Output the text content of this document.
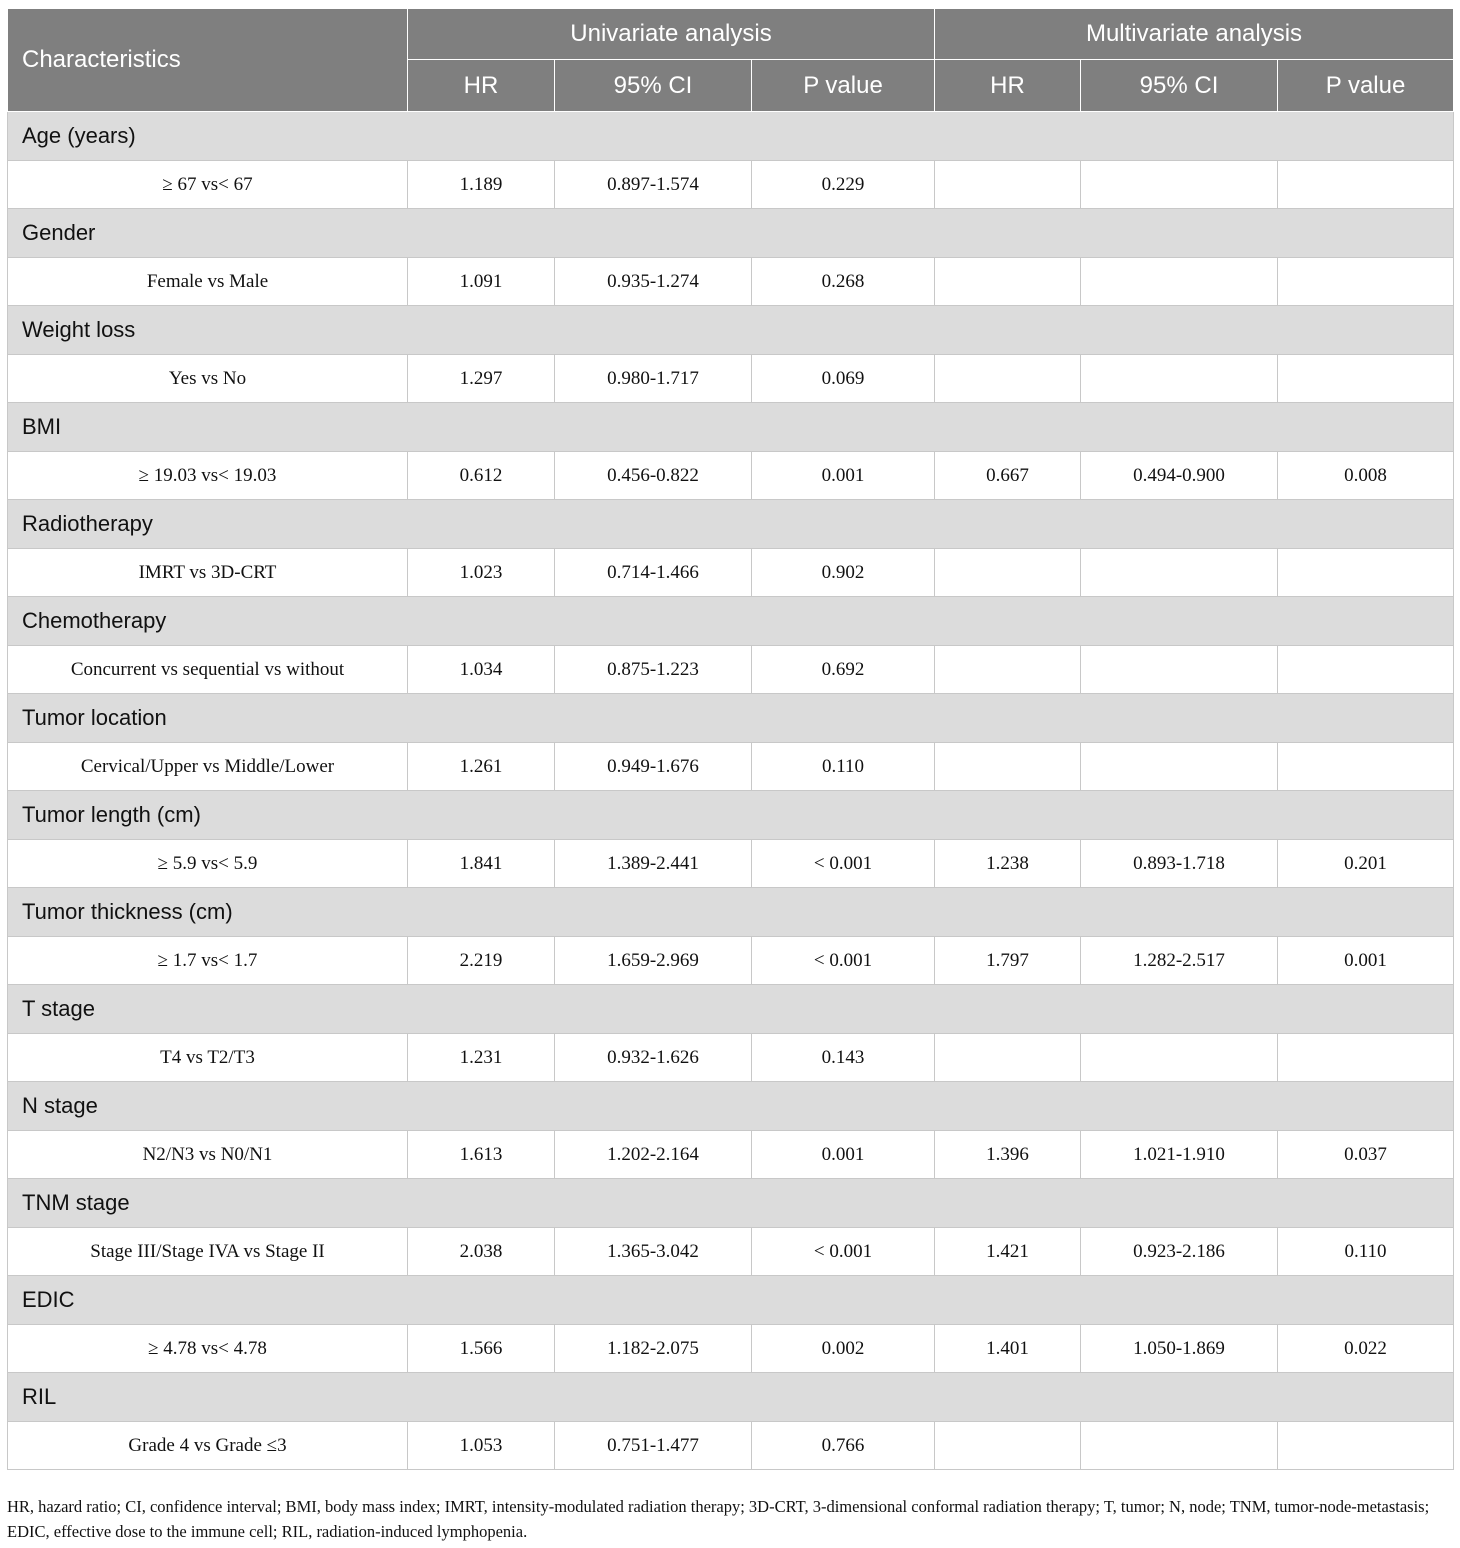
Characteristics	Univariate analysis			Multivariate analysis		
	HR	95% CI	P value	HR	95% CI	P value
Age (years)						
≥ 67 vs< 67	1.189	0.897-1.574	0.229			
Gender						
Female vs Male	1.091	0.935-1.274	0.268			
Weight loss						
Yes vs No	1.297	0.980-1.717	0.069			
BMI						
≥ 19.03 vs< 19.03	0.612	0.456-0.822	0.001	0.667	0.494-0.900	0.008
Radiotherapy						
IMRT vs 3D-CRT	1.023	0.714-1.466	0.902			
Chemotherapy						
Concurrent vs sequential vs without	1.034	0.875-1.223	0.692			
Tumor location						
Cervical/Upper vs Middle/Lower	1.261	0.949-1.676	0.110			
Tumor length (cm)						
≥ 5.9 vs< 5.9	1.841	1.389-2.441	< 0.001	1.238	0.893-1.718	0.201
Tumor thickness (cm)						
≥ 1.7 vs< 1.7	2.219	1.659-2.969	< 0.001	1.797	1.282-2.517	0.001
T stage						
T4 vs T2/T3	1.231	0.932-1.626	0.143			
N stage						
N2/N3 vs N0/N1	1.613	1.202-2.164	0.001	1.396	1.021-1.910	0.037
TNM stage						
Stage III/Stage IVA vs Stage II	2.038	1.365-3.042	< 0.001	1.421	0.923-2.186	0.110
EDIC						
≥ 4.78 vs< 4.78	1.566	1.182-2.075	0.002	1.401	1.050-1.869	0.022
RIL						
Grade 4 vs Grade ≤3	1.053	0.751-1.477	0.766			
HR, hazard ratio; CI, confidence interval; BMI, body mass index; IMRT, intensity-modulated radiation therapy; 3D-CRT, 3-dimensional conformal radiation therapy; T, tumor; N, node; TNM, tumor-node-metastasis; EDIC, effective dose to the immune cell; RIL, radiation-induced lymphopenia.
